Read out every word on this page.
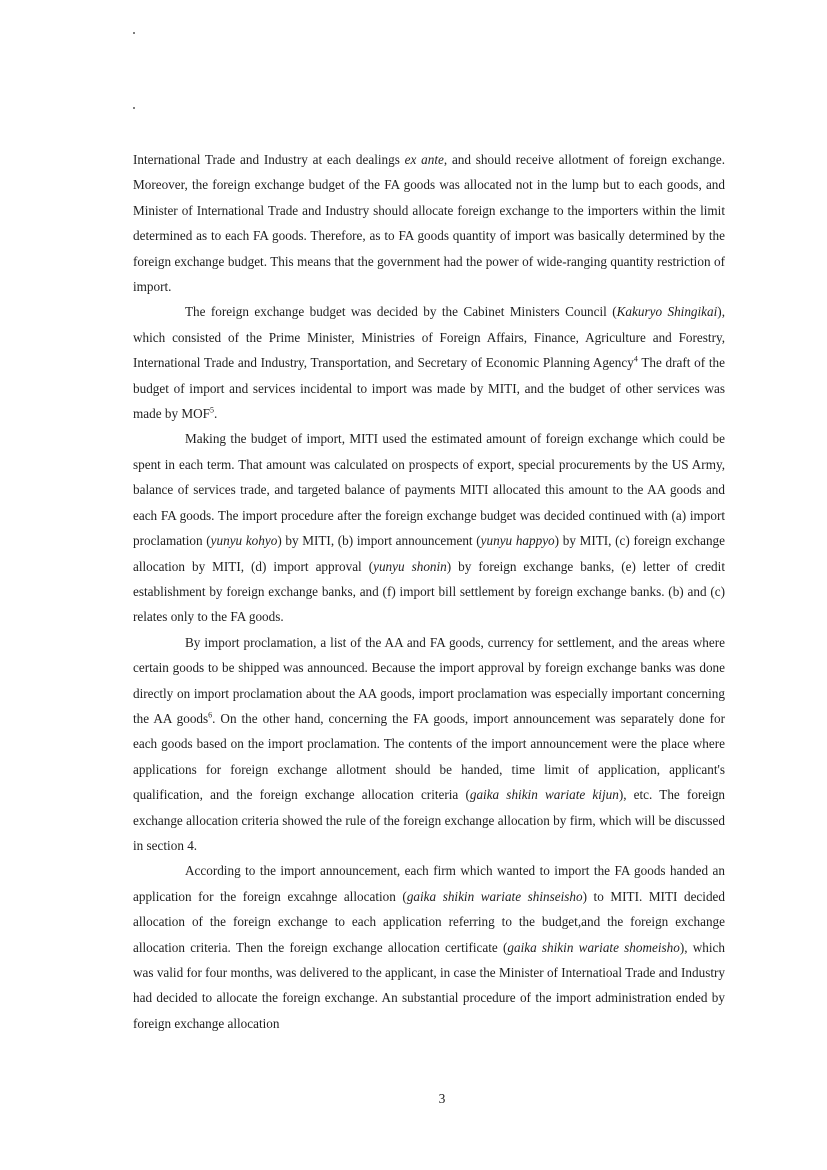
International Trade and Industry at each dealings ex ante, and should receive allotment of foreign exchange. Moreover, the foreign exchange budget of the FA goods was allocated not in the lump but to each goods, and Minister of International Trade and Industry should allocate foreign exchange to the importers within the limit determined as to each FA goods. Therefore, as to FA goods quantity of import was basically determined by the foreign exchange budget. This means that the government had the power of wide-ranging quantity restriction of import.

The foreign exchange budget was decided by the Cabinet Ministers Council (Kakuryo Shingikai), which consisted of the Prime Minister, Ministries of Foreign Affairs, Finance, Agriculture and Forestry, International Trade and Industry, Transportation, and Secretary of Economic Planning Agency$^4$ The draft of the budget of import and services incidental to import was made by MITI, and the budget of other services was made by MOF$^5$.

Making the budget of import, MITI used the estimated amount of foreign exchange which could be spent in each term. That amount was calculated on prospects of export, special procurements by the US Army, balance of services trade, and targeted balance of payments MITI allocated this amount to the AA goods and each FA goods. The import procedure after the foreign exchange budget was decided continued with (a) import proclamation (yunyu kohyo) by MITI, (b) import announcement (yunyu happyo) by MITI, (c) foreign exchange allocation by MITI, (d) import approval (yunyu shonin) by foreign exchange banks, (e) letter of credit establishment by foreign exchange banks, and (f) import bill settlement by foreign exchange banks. (b) and (c) relates only to the FA goods.

By import proclamation, a list of the AA and FA goods, currency for settlement, and the areas where certain goods to be shipped was announced. Because the import approval by foreign exchange banks was done directly on import proclamation about the AA goods, import proclamation was especially important concerning the AA goods$^6$. On the other hand, concerning the FA goods, import announcement was separately done for each goods based on the import proclamation. The contents of the import announcement were the place where applications for foreign exchange allotment should be handed, time limit of application, applicant's qualification, and the foreign exchange allocation criteria (gaika shikin wariate kijun), etc. The foreign exchange allocation criteria showed the rule of the foreign exchange allocation by firm, which will be discussed in section 4.

According to the import announcement, each firm which wanted to import the FA goods handed an application for the foreign excahnge allocation (gaika shikin wariate shinseisho) to MITI. MITI decided allocation of the foreign exchange to each application referring to the budget,and the foreign exchange allocation criteria. Then the foreign exchange allocation certificate (gaika shikin wariate shomeisho), which was valid for four months, was delivered to the applicant, in case the Minister of Internatioal Trade and Industry had decided to allocate the foreign exchange. An substantial procedure of the import administration ended by foreign exchange allocation

3
